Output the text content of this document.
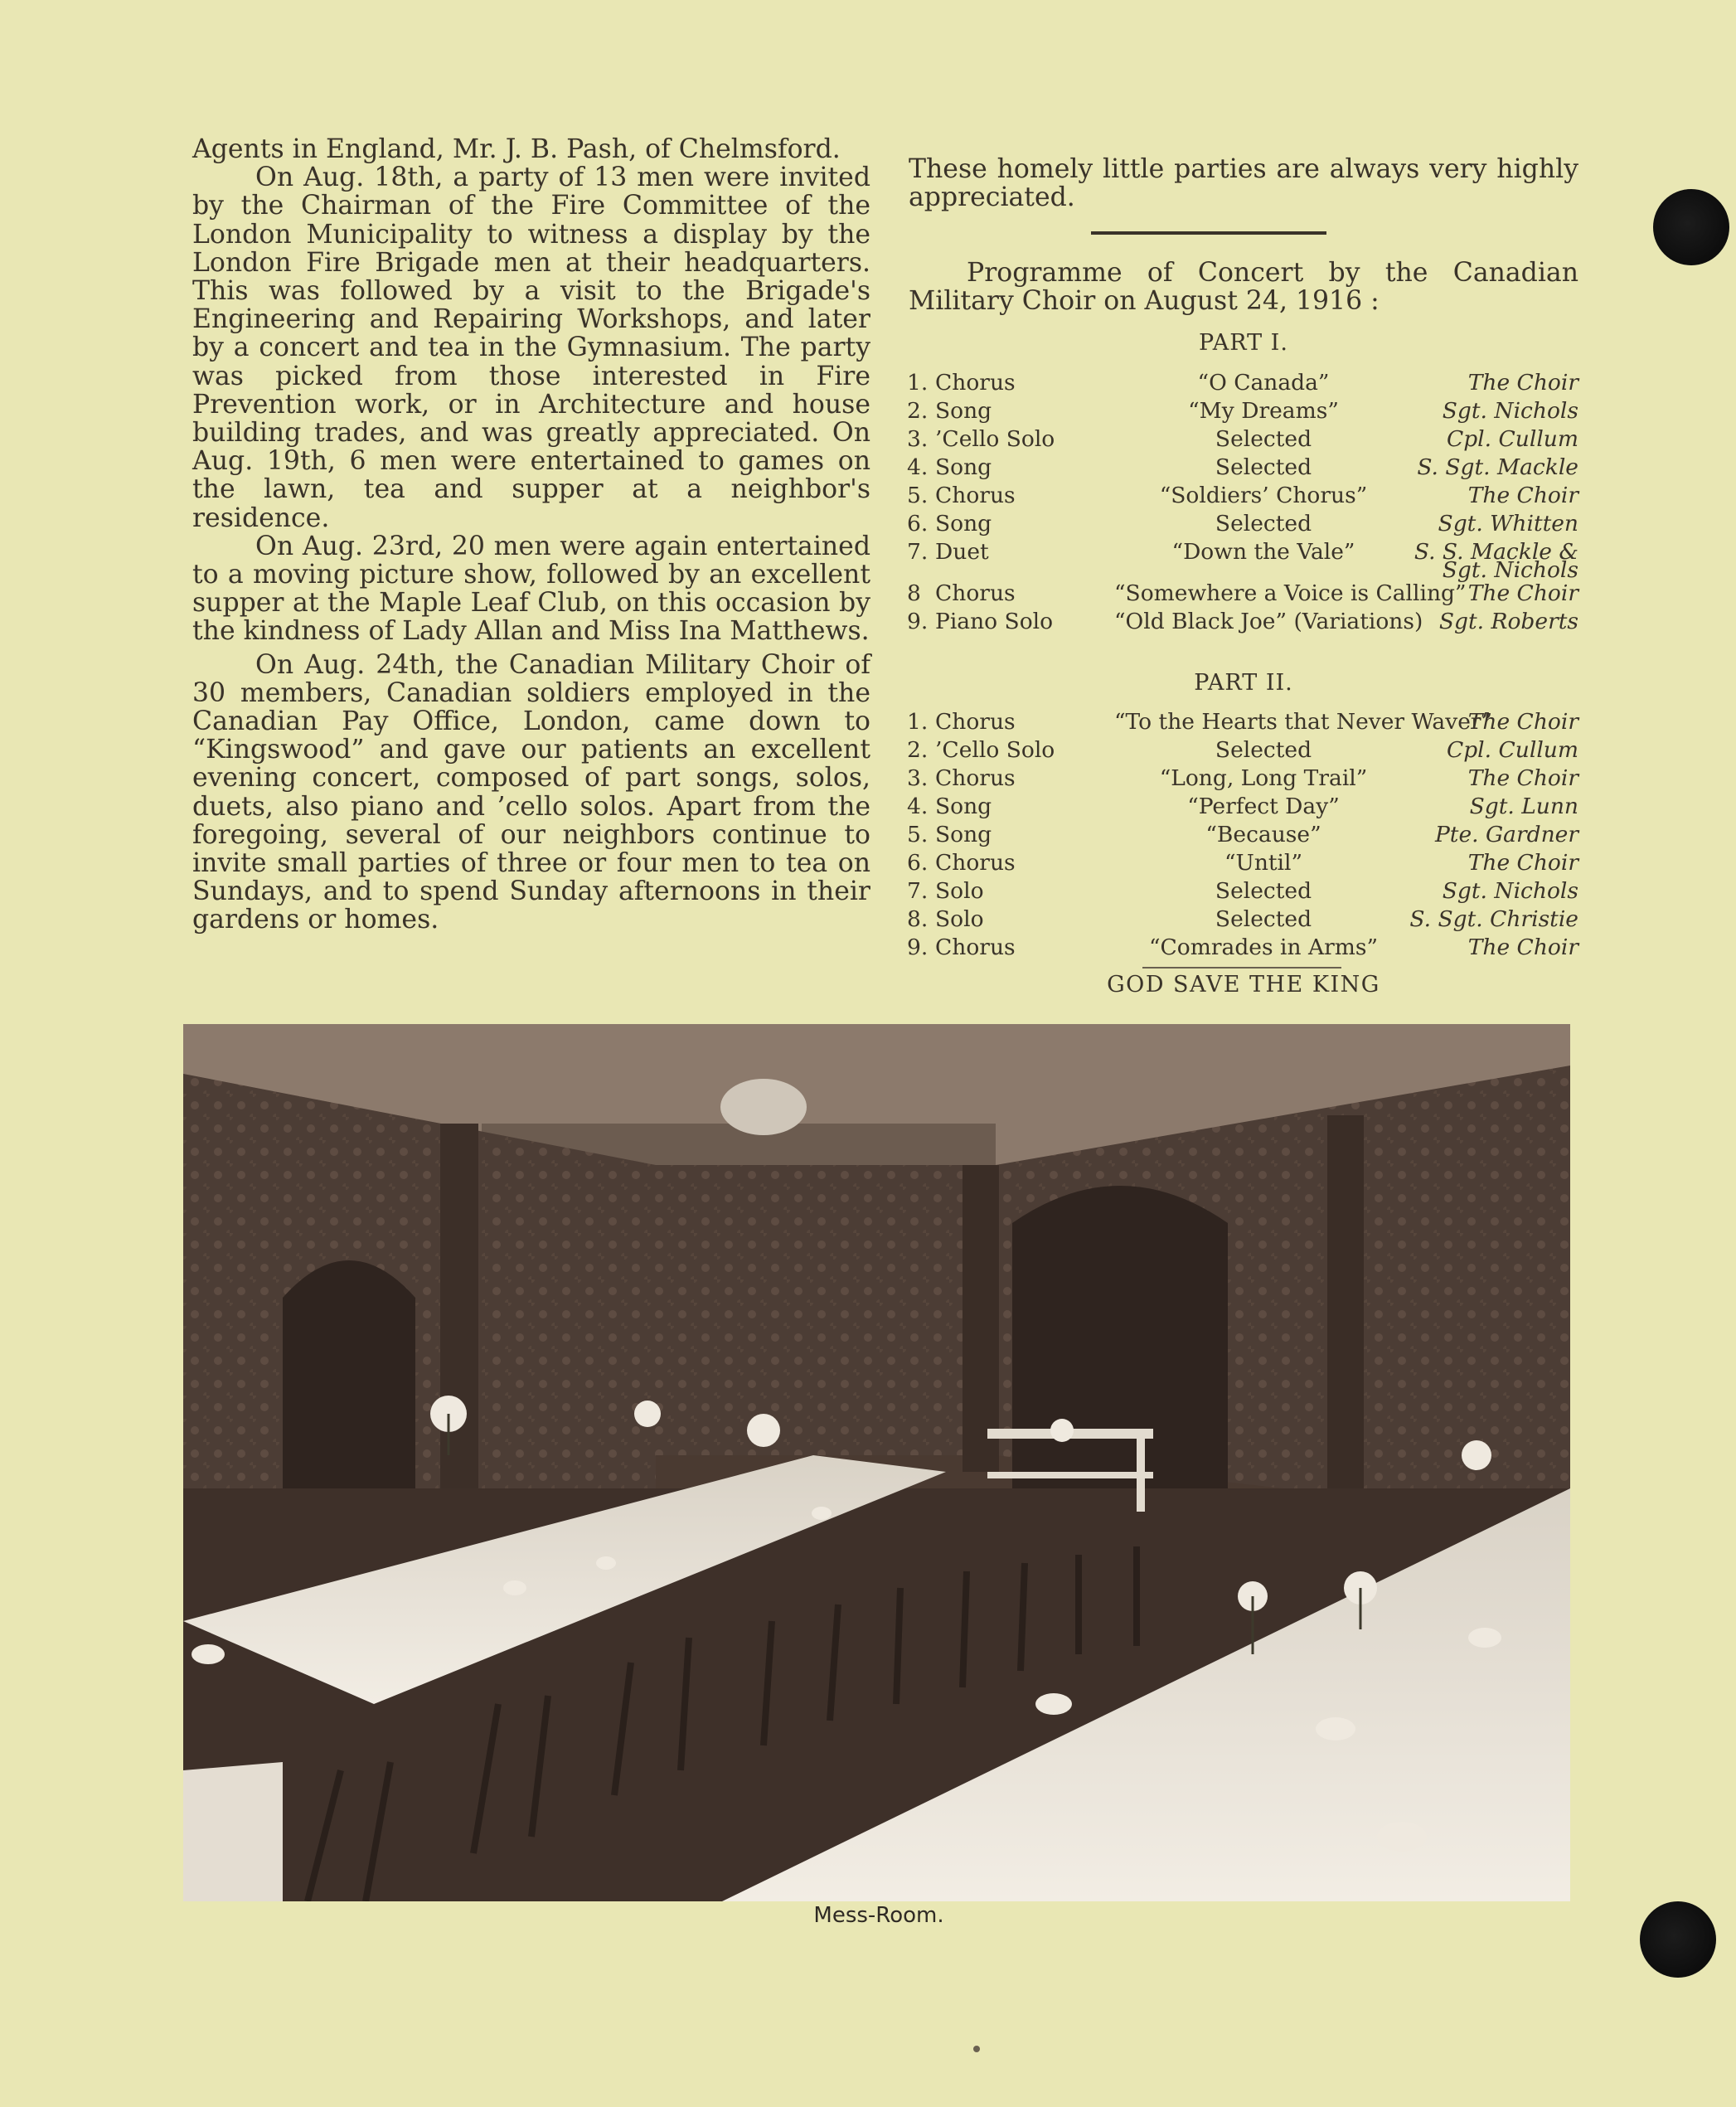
Agents in England, Mr. J. B. Pash, of Chelmsford.

On Aug. 18th, a party of 13 men were invited by the Chairman of the Fire Committee of the London Municipality to witness a display by the London Fire Brigade men at their headquarters. This was followed by a visit to the Brigade's Engineering and Repairing Workshops, and later by a concert and tea in the Gymnasium. The party was picked from those interested in Fire Prevention work, or in Architecture and house building trades, and was greatly appreciated. On Aug. 19th, 6 men were entertained to games on the lawn, tea and supper at a neighbor's residence.

On Aug. 23rd, 20 men were again entertained to a moving picture show, followed by an excellent supper at the Maple Leaf Club, on this occasion by the kindness of Lady Allan and Miss Ina Matthews.

On Aug. 24th, the Canadian Military Choir of 30 members, Canadian soldiers employed in the Canadian Pay Office, London, came down to “Kingswood” and gave our patients an excellent evening concert, composed of part songs, solos, duets, also piano and ’cello solos. Apart from the foregoing, several of our neighbors continue to invite small parties of three or four men to tea on Sundays, and to spend Sunday afternoons in their gardens or homes.

These homely little parties are always very highly appreciated.

Programme of Concert by the Canadian Military Choir on August 24, 1916 :

PART I.
1. Chorus	“O Canada”	The Choir
2. Song	“My Dreams”	Sgt. Nichols
3. ’Cello Solo	Selected	Cpl. Cullum
4. Song	Selected	S. Sgt. Mackle
5. Chorus	“Soldiers’ Chorus”	The Choir
6. Song	Selected	Sgt. Whitten
7. Duet	“Down the Vale”	S. S. Mackle &
Sgt. Nichols
8 Chorus	“Somewhere a Voice is Calling” The Choir
9. Piano Solo	“Old Black Joe” (Variations) Sgt. Roberts
PART II.
1. Chorus	“To the Hearts that Never Waver”
The Choir
2. ’Cello Solo	Selected	Cpl. Cullum
3. Chorus	“Long, Long Trail”	The Choir
4. Song	“Perfect Day”	Sgt. Lunn
5. Song	“Because”	Pte. Gardner
6. Chorus	“Until”	The Choir
7. Solo	Selected	Sgt. Nichols
8. Solo	Selected	S. Sgt. Christie
9. Chorus	“Comrades in Arms”	The Choir
GOD SAVE THE KING
Mess-Room.
